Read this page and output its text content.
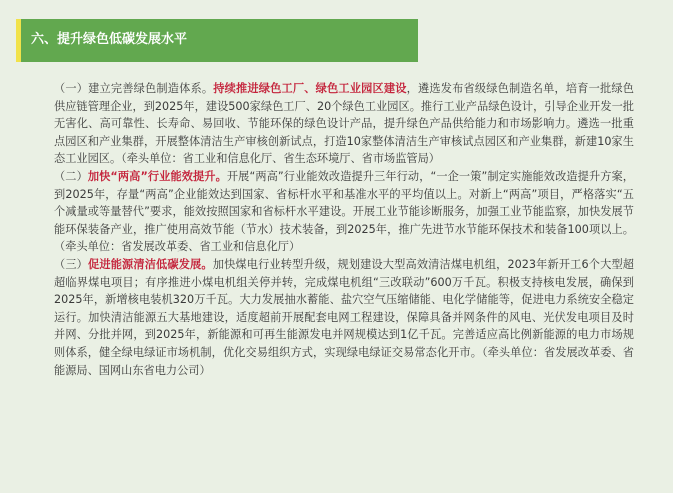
六、提升绿色低碳发展水平

（一）建立完善绿色制造体系。持续推进绿色工厂、绿色工业园区建设，遴选发布省级绿色制造名单，培育一批绿色供应链管理企业，到2025年，建设500家绿色工厂、20个绿色工业园区。推行工业产品绿色设计，引导企业开发一批无害化、高可靠性、长寿命、易回收、节能环保的绿色设计产品，提升绿色产品供给能力和市场影响力。遴选一批重点园区和产业集群，开展整体清洁生产审核创新试点，打造10家整体清洁生产审核试点园区和产业集群，新建10家生态工业园区。（牵头单位：省工业和信息化厅、省生态环境厅、省市场监管局）

（二）加快“两高”行业能效提升。开展“两高”行业能效改造提升三年行动，“一企一策”制定实施能效改造提升方案，到2025年，存量“两高”企业能效达到国家、省标杆水平和基准水平的平均值以上。对新上“两高”项目，严格落实“五个减量或等量替代”要求，能效按照国家和省标杆水平建设。开展工业节能诊断服务，加强工业节能监察，加快发展节能环保装备产业，推广使用高效节能（节水）技术装备，到2025年，推广先进节水节能环保技术和装备100项以上。（牵头单位：省发展改革委、省工业和信息化厅）

（三）促进能源清洁低碳发展。加快煤电行业转型升级，规划建设大型高效清洁煤电机组，2023年新开工6个大型超超临界煤电项目；有序推进小煤电机组关停并转，完成煤电机组“三改联动”600万千瓦。积极支持核电发展，确保到2025年，新增核电装机320万千瓦。大力发展抽水蓄能、盐穴空气压缩储能、电化学储能等，促进电力系统安全稳定运行。加快清洁能源五大基地建设，适度超前开展配套电网工程建设，保障具备并网条件的风电、光伏发电项目及时并网、分批并网，到2025年，新能源和可再生能源发电并网规模达到1亿千瓦。完善适应高比例新能源的电力市场规则体系，健全绿电绿证市场机制，优化交易组织方式，实现绿电绿证交易常态化开市。（牵头单位：省发展改革委、省能源局、国网山东省电力公司）
